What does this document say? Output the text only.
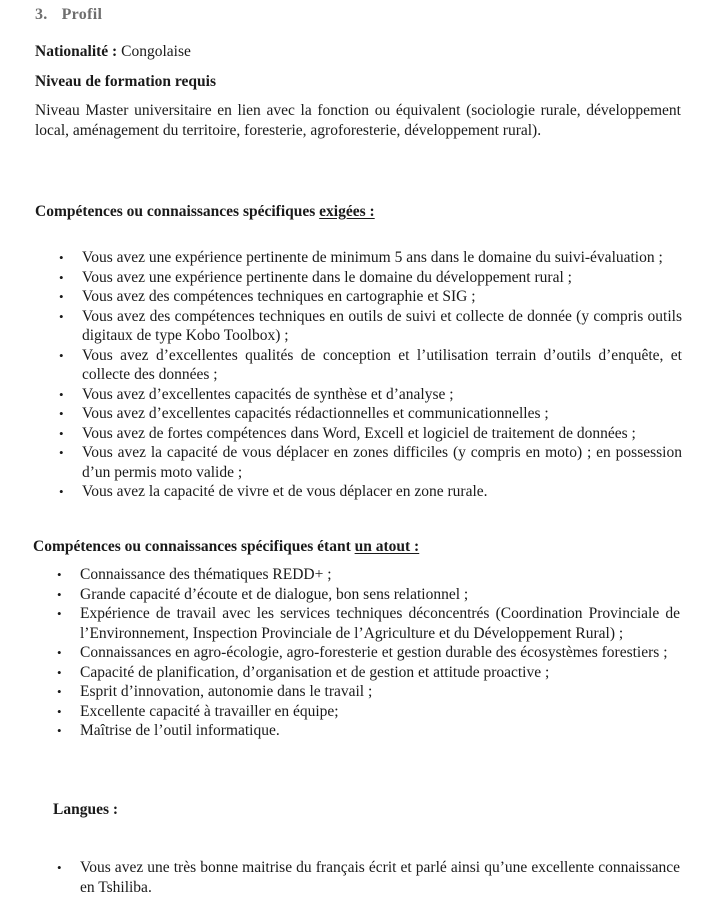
3. Profil
Nationalité : Congolaise
Niveau de formation requis
Niveau Master universitaire en lien avec la fonction ou équivalent (sociologie rurale, développement local, aménagement du territoire, foresterie, agroforesterie, développement rural).
Compétences ou connaissances spécifiques exigées :
• Vous avez une expérience pertinente de minimum 5 ans dans le domaine du suivi-évaluation ;
• Vous avez une expérience pertinente dans le domaine du développement rural ;
• Vous avez des compétences techniques en cartographie et SIG ;
• Vous avez des compétences techniques en outils de suivi et collecte de donnée (y compris outils digitaux de type Kobo Toolbox) ;
• Vous avez d’excellentes qualités de conception et l’utilisation terrain d’outils d’enquête, et collecte des données ;
• Vous avez d’excellentes capacités de synthèse et d’analyse ;
• Vous avez d’excellentes capacités rédactionnelles et communicationnelles ;
• Vous avez de fortes compétences dans Word, Excell et logiciel de traitement de données ;
• Vous avez la capacité de vous déplacer en zones difficiles (y compris en moto) ; en possession d’un permis moto valide ;
• Vous avez la capacité de vivre et de vous déplacer en zone rurale.
Compétences ou connaissances spécifiques étant un atout :
• Connaissance des thématiques REDD+ ;
• Grande capacité d’écoute et de dialogue, bon sens relationnel ;
• Expérience de travail avec les services techniques déconcentrés (Coordination Provinciale de l’Environnement, Inspection Provinciale de l’Agriculture et du Développement Rural) ;
• Connaissances en agro-écologie, agro-foresterie et gestion durable des écosystèmes forestiers ;
• Capacité de planification, d’organisation et de gestion et attitude proactive ;
• Esprit d’innovation, autonomie dans le travail ;
• Excellente capacité à travailler en équipe;
• Maîtrise de l’outil informatique.
Langues :
• Vous avez une très bonne maitrise du français écrit et parlé ainsi qu’une excellente connaissance en Tshiliba.
